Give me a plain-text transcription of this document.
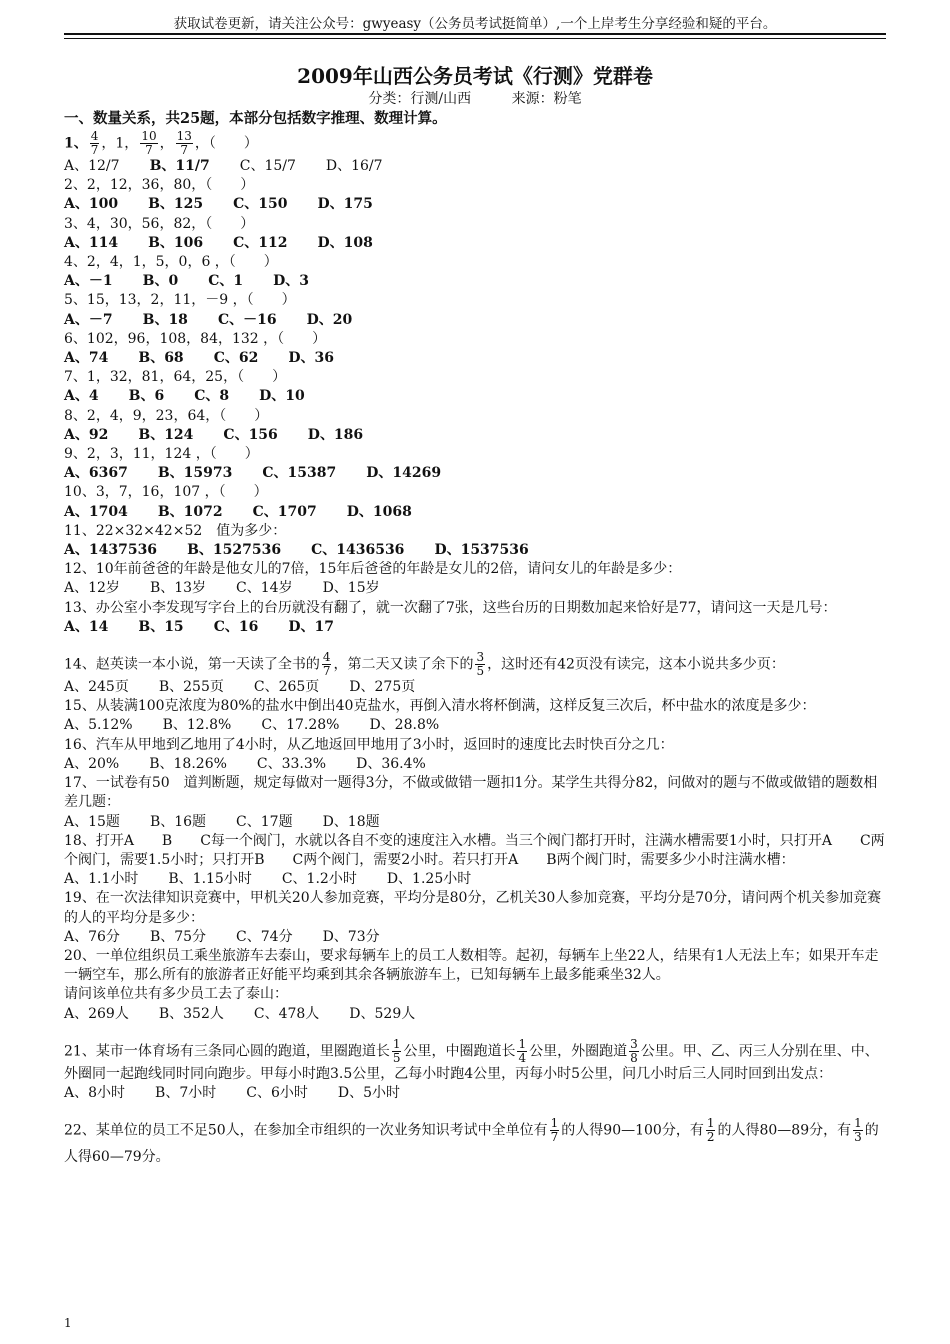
获取试卷更新，请关注公众号：gwyeasy（公务员考试挺简单）,一个上岸考生分享经验和疑的平台。
2009年山西公务员考试《行测》党群卷
分类：行测/山西	来源：粉笔
一、数量关系，共25题，本部分包括数字推理、数理计算。
1、 $\frac{4}{7}$ ，1， $\frac{10}{7}$ ， $\frac{13}{7}$ ，（　　）
A、12/7 B、11/7 C、15/7 D、16/7
2、2，12，36，80，（　　）
A、100 B、125 C、150 D、175
3、4，30，56，82，（　　）
A、114 B、106 C、112 D、108
4、2，4，1，5，0，6 ，（　　）
A、－1 B、0 C、1 D、3
5、15，13，2，11，－9 ，（　　）
A、－7 B、18 C、－16 D、20
6、102，96，108，84，132 ，（　　）
A、74 B、68 C、62 D、36
7、1，32，81，64，25，（　　）
A、4 B、6 C、8 D、10
8、2，4，9，23，64，（　　）
A、92 B、124 C、156 D、186
9、2，3，11，124 ，（　　）
A、6367 B、15973 C、15387 D、14269
10、3，7，16，107 ，（　　）
A、1704 B、1072 C、1707 D、1068
11、22×32×42×52　值为多少：
A、1437536 B、1527536 C、1436536 D、1537536
12、10年前爸爸的年龄是他女儿的7倍，15年后爸爸的年龄是女儿的2倍，请问女儿的年龄是多少：
A、12岁 B、13岁 C、14岁 D、15岁
13、办公室小李发现写字台上的台历就没有翻了，就一次翻了7张，这些台历的日期数加起来恰好是77，请问这一天是几号：
A、14 B、15 C、16 D、17
14、赵英读一本小说，第一天读了全书的 $\frac{4}{7}$ ，第二天又读了余下的 $\frac{3}{5}$ ，这时还有42页没有读完，这本小说共多少页：
A、245页 B、255页 C、265页 D、275页
15、从装满100克浓度为80%的盐水中倒出40克盐水，再倒入清水将杯倒满，这样反复三次后，杯中盐水的浓度是多少：
A、5.12% B、12.8% C、17.28% D、28.8%
16、汽车从甲地到乙地用了4小时，从乙地返回甲地用了3小时，返回时的速度比去时快百分之几：
A、20% B、18.26% C、33.3% D、36.4%
17、一试卷有50　道判断题，规定每做对一题得3分，不做或做错一题扣1分。某学生共得分82，问做对的题与不做或做错的题数相差几题：
A、15题 B、16题 C、17题 D、18题
18、打开A　　B　　C每一个阀门，水就以各自不变的速度注入水槽。当三个阀门都打开时，注满水槽需要1小时，只打开A　　C两个阀门，需要1.5小时；只打开B　　C两个阀门，需要2小时。若只打开A　　B两个阀门时，需要多少小时注满水槽：
A、1.1小时 B、1.15小时 C、1.2小时 D、1.25小时
19、在一次法律知识竞赛中，甲机关20人参加竞赛，平均分是80分，乙机关30人参加竞赛，平均分是70分，请问两个机关参加竞赛的人的平均分是多少：
A、76分 B、75分 C、74分 D、73分
20、一单位组织员工乘坐旅游车去泰山，要求每辆车上的员工人数相等。起初，每辆车上坐22人，结果有1人无法上车；如果开车走一辆空车，那么所有的旅游者正好能平均乘到其余各辆旅游车上，已知每辆车上最多能乘坐32人。
请问该单位共有多少员工去了泰山：
A、269人 B、352人 C、478人 D、529人
21、某市一体育场有三条同心圆的跑道，里圈跑道长 $\frac{1}{5}$ 公里，中圈跑道长 $\frac{1}{4}$ 公里，外圈跑道 $\frac{3}{8}$ 公里。甲、乙、丙三人分别在里、中、外圈同一起跑线同时同向跑步。甲每小时跑3.5公里，乙每小时跑4公里，丙每小时5公里，问几小时后三人同时回到出发点：
A、8小时 B、7小时 C、6小时 D、5小时
22、某单位的员工不足50人，在参加全市组织的一次业务知识考试中全单位有 $\frac{1}{7}$ 的人得90—100分，有 $\frac{1}{2}$ 的人得80—89分，有 $\frac{1}{3}$ 的人得60—79分。
1
